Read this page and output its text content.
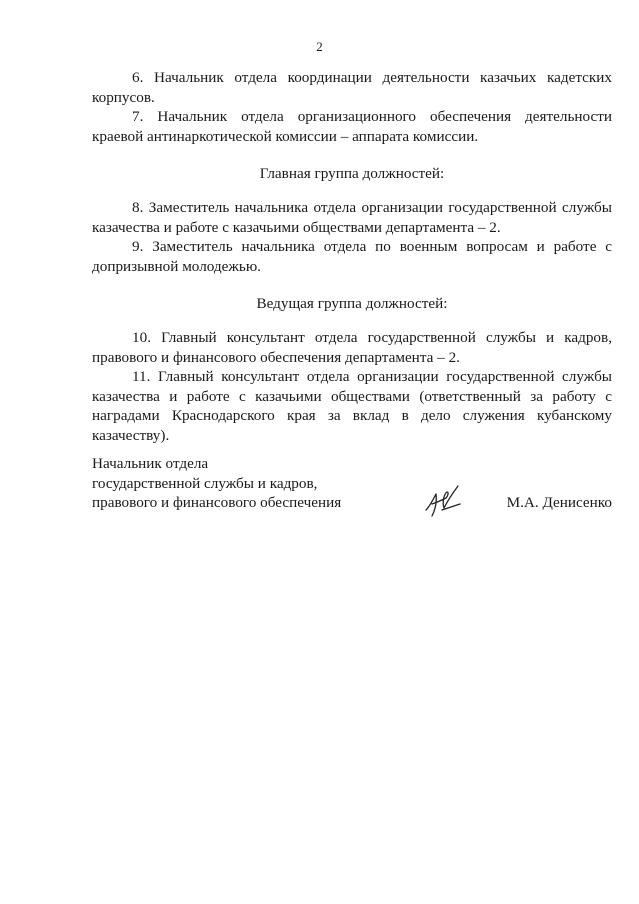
2

6. Начальник отдела координации деятельности казачьих кадетских корпусов.

7. Начальник отдела организационного обеспечения деятельности краевой антинаркотической комиссии – аппарата комиссии.

Главная группа должностей:

8. Заместитель начальника отдела организации государственной службы казачества и работе с казачьими обществами департамента – 2.

9. Заместитель начальника отдела по военным вопросам и работе с допризывной молодежью.

Ведущая группа должностей:

10. Главный консультант отдела государственной службы и кадров, правового и финансового обеспечения департамента – 2.

11. Главный консультант отдела организации государственной службы казачества и работе с казачьими обществами (ответственный за работу с наградами Краснодарского края за вклад в дело служения кубанскому казачеству).

Начальник отдела

государственной службы и кадров,

правового и финансового обеспечения	М.А. Денисенко
